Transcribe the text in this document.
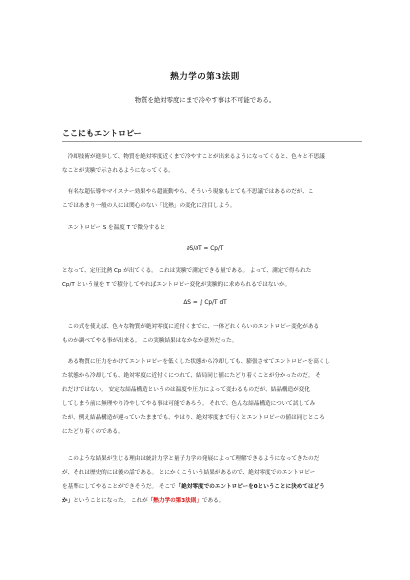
熱力学の第3法則
物質を絶対零度にまで冷やす事は不可能である。
ここにもエントロピー
　冷却技術が進歩して、物質を絶対零度近くまで冷やすことが出来るようになってくると、色々と不思議
なことが実験で示されるようになってくる。
　有名な超伝導やマイスナー効果やら超流動やら、そういう現象もとても不思議ではあるのだが、こ
こではあまり一般の人には関心のない「比熱」の変化に注目しよう。
　エントロピー S を温度 T で微分すると
∂S/∂T = Cp/T
となって、定圧比熱 Cp が出てくる。 これは実験で測定できる量である。 よって、測定で得られた
Cp/T という量を T で積分してやればエントロピー変化が実験的に求められるではないか。
ΔS = ∫ Cp/T dT
　この式を使えば、色々な物質が絶対零度に近付くまでに、一体どれくらいのエントロピー変化がある
ものか調べてやる事が出来る。 この実験結果はなかなか意外だった。
　ある物質に圧力をかけてエントロピーを低くした状態から冷却しても、膨張させてエントロピーを高くし
た状態から冷却しても、絶対零度に近付くにつれて、結局同じ値にたどり着くことが分かったのだ。 そ
れだけではない。 安定な結晶構造というのは温度や圧力によって変わるものだが、結晶構造が変化
してしまう前に無理やり冷やしてやる事は可能であろう。 それで、色んな結晶構造について試してみ
たが、例え結晶構造が違っていたままでも、やはり、絶対零度まで行くとエントロピーの値は同じところ
にたどり着くのである。
　このような結果が生じる理由は統計力学と量子力学の発展によって理解できるようになってきたのだ
が、それは歴史的には後の話である。 とにかくこういう結果があるので、絶対零度でのエントロピー
を基準にしてやることができそうだ。 そこで「絶対零度でのエントロピーを0ということに決めてはどう
か」ということになった。 これが「熱力学の第3法則」である。
